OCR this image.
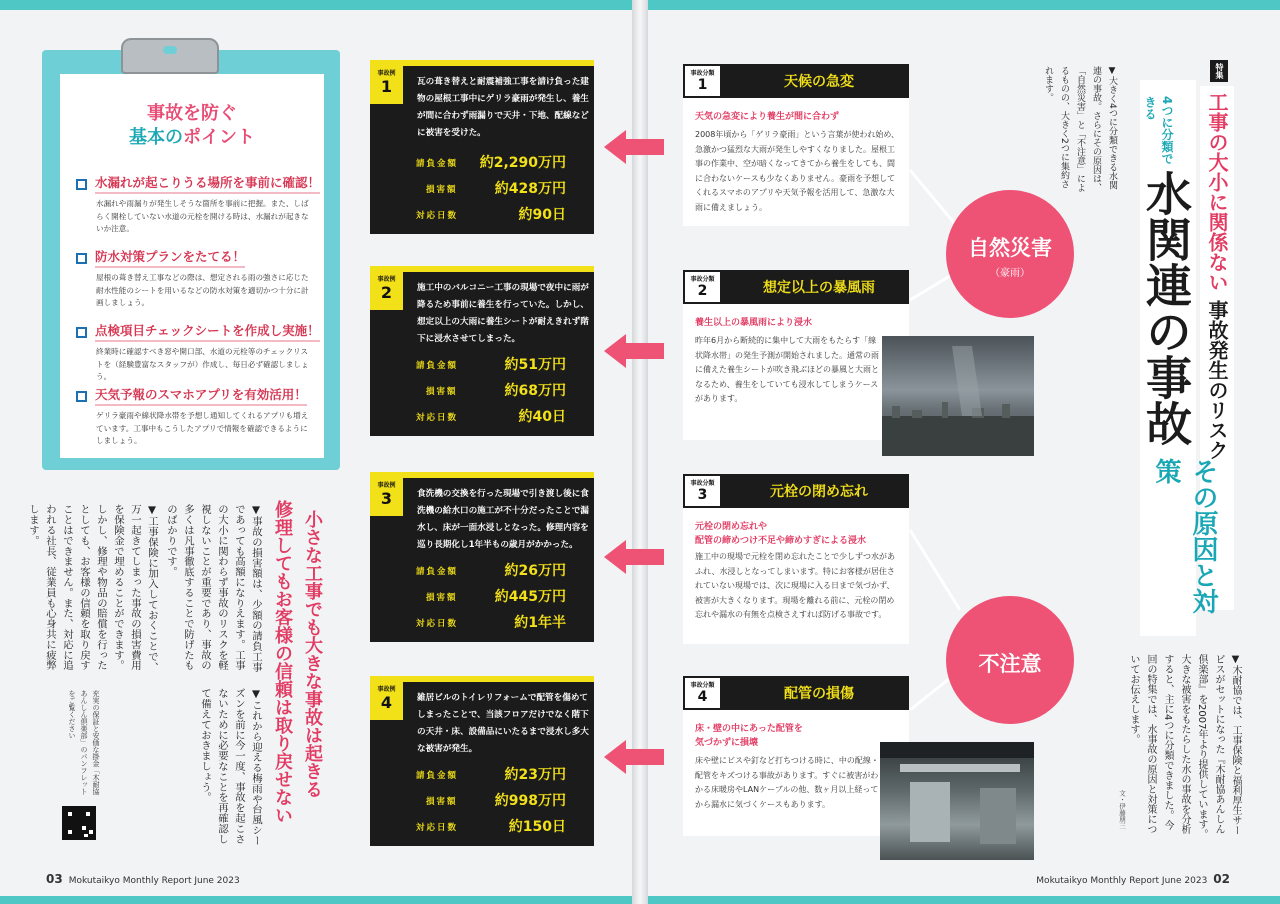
事故を防ぐ
基本のポイント
水漏れが起こりうる場所を事前に確認！
水漏れや雨漏りが発生しそうな箇所を事前に把握。また、しばらく開栓していない水道の元栓を開ける時は、水漏れが起きないか注意。
防水対策プランをたてる！
屋根の葺き替え工事などの際は、想定される雨の強さに応じた耐水性能のシートを用いるなどの防水対策を適切かつ十分に計画しましょう。
点検項目チェックシートを作成し実施！
終業時に確認すべき窓や開口部、水道の元栓等のチェックリストを（経験豊富なスタッフが）作成し、毎日必ず確認しましょう。
天気予報のスマホアプリを有効活用！
ゲリラ豪雨や線状降水帯を予想し通知してくれるアプリも増えています。工事中もこうしたアプリで情報を確認できるようにしましょう。
事故例
1	瓦の葺き替えと耐震補強工事を請け負った建物の屋根工事中にゲリラ豪雨が発生し、養生が間に合わず雨漏りで天井・下地、配線などに被害を受けた。
請負金額 約2,290万円
損害額	約428万円
対応日数	約90日
事故例
2	施工中のバルコニー工事の現場で夜中に雨が降るため事前に養生を行っていた。しかし、想定以上の大雨に養生シートが耐えきれず階下に浸水させてしまった。
請負金額	約51万円
損害額	約68万円
対応日数	約40日
事故例
3	食洗機の交換を行った現場で引き渡し後に食洗機の給水口の施工が不十分だったことで漏水し、床が一面水浸しとなった。修理内容を巡り長期化し1年半もの歳月がかかった。
請負金額	約26万円
損害額	約445万円
対応日数	約1年半
事故例
4	雑居ビルのトイレリフォームで配管を傷めてしまったことで、当該フロアだけでなく階下の天井・床、設備品にいたるまで浸水し多大な被害が発生。
請負金額	約23万円
損害額	約998万円
対応日数	約150日
事故分類
1	天候の急変
天気の急変により養生が間に合わず
2008年頃から「ゲリラ豪雨」という言葉が使われ始め、急激かつ猛烈な大雨が発生しやすくなりました。屋根工事の作業中、空が暗くなってきてから養生をしても、間に合わないケースも少なくありません。豪雨を予想してくれるスマホのアプリや天気予報を活用して、急激な大雨に備えましょう。
事故分類
2	想定以上の暴風雨
養生以上の暴風雨により浸水
昨年6月から断続的に集中して大雨をもたらす「線状降水帯」の発生予測が開始されました。通常の雨に備えた養生シートが吹き飛ぶほどの暴風と大雨となるため、養生をしていても浸水してしまうケースがあります。
事故分類
3	元栓の閉め忘れ
元栓の閉め忘れや
配管の締めつけ不足や締めすぎによる浸水
施工中の現場で元栓を閉め忘れたことで少しずつ水があふれ、水浸しとなってしまいます。特にお客様が居住されていない現場では、次に現場に入る日まで気づかず、被害が大きくなります。現場を離れる前に、元栓の閉め忘れや漏水の有無を点検さえすれば防げる事故です。
事故分類
4	配管の損傷
床・壁の中にあった配管を
気づかずに損壊
床や壁にビスや釘など打ちつける時に、中の配線・配管をキズつける事故があります。すぐに被害がわかる床暖房やLANケーブルの他、数ヶ月以上経ってから漏水に気づくケースもあります。
自然災害
（豪雨）
不注意
特集
工事の大小に関係ない
事故発生のリスク
4つに分類できる
水関連の事故
その原因と対策
▼大きく4つに分類できる水関連の事故。さらにその原因は、「自然災害」と「不注意」によるものの、大きく2つに集約されます。
▼木耐協では、工事保険と福利厚生サービスがセットになった『木耐協あんしん倶楽部』を2007年より提供しています。大きな被害をもたらした水の事故を分析すると、主に4つに分類できました。今回の特集では、水事故の原因と対策についてお伝えします。
文・伊藤朋三
小さな工事でも大きな事故は起きる
修理してもお客様の信頼は取り戻せない
▼事故の損害額は、少額の請負工事であっても高額になりえます。工事の大小に関わらず事故のリスクを軽視しないことが重要であり、事故の多くは凡事徹底することで防げたものばかりです。
▼工事保険に加入しておくことで、万一起きてしまった事故の損害費用を保険金で埋めることができます。しかし、修理や物品の賠償を行ったとしても、お客様の信頼を取り戻すことはできません。また、対応に追われる社長、従業員も心身共に疲弊します。
▼これから迎える梅雨や台風シーズンを前に今一度、事故を起こさないために必要なことを再確認して備えておきましょう。
充実の保証と安価な掛金「木耐協あんしん倶楽部」のパンフレットをご覧ください
03 Mokutaikyo Monthly Report June 2023	Mokutaikyo Monthly Report June 2023 02
